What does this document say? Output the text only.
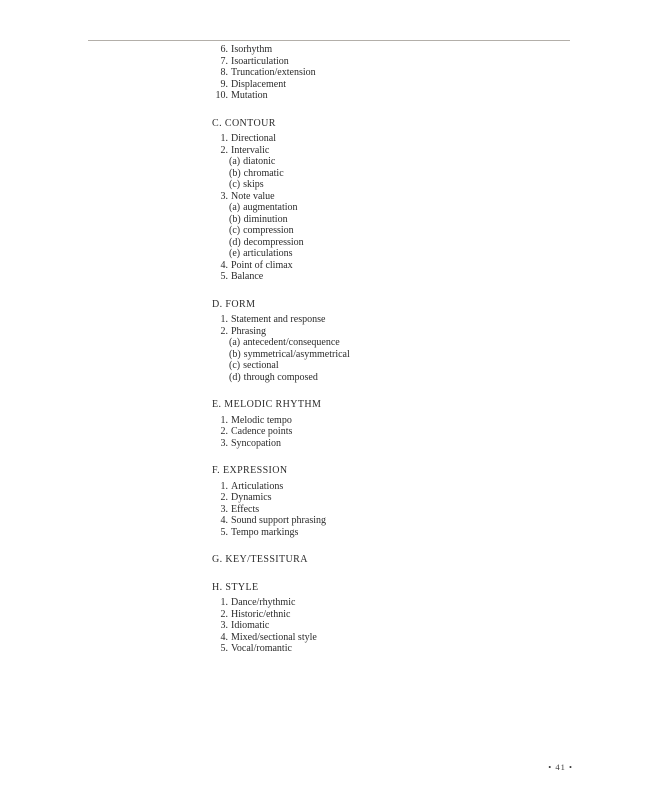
6. Isorhythm
7. Isoarticulation
8. Truncation/extension
9. Displacement
10. Mutation
C. CONTOUR
1. Directional
2. Intervalic
(a) diatonic
(b) chromatic
(c) skips
3. Note value
(a) augmentation
(b) diminution
(c) compression
(d) decompression
(e) articulations
4. Point of climax
5. Balance
D. FORM
1. Statement and response
2. Phrasing
(a) antecedent/consequence
(b) symmetrical/asymmetrical
(c) sectional
(d) through composed
E. MELODIC RHYTHM
1. Melodic tempo
2. Cadence points
3. Syncopation
F. EXPRESSION
1. Articulations
2. Dynamics
3. Effects
4. Sound support phrasing
5. Tempo markings
G. KEY/TESSITURA
H. STYLE
1. Dance/rhythmic
2. Historic/ethnic
3. Idiomatic
4. Mixed/sectional style
5. Vocal/romantic
• 41 •
